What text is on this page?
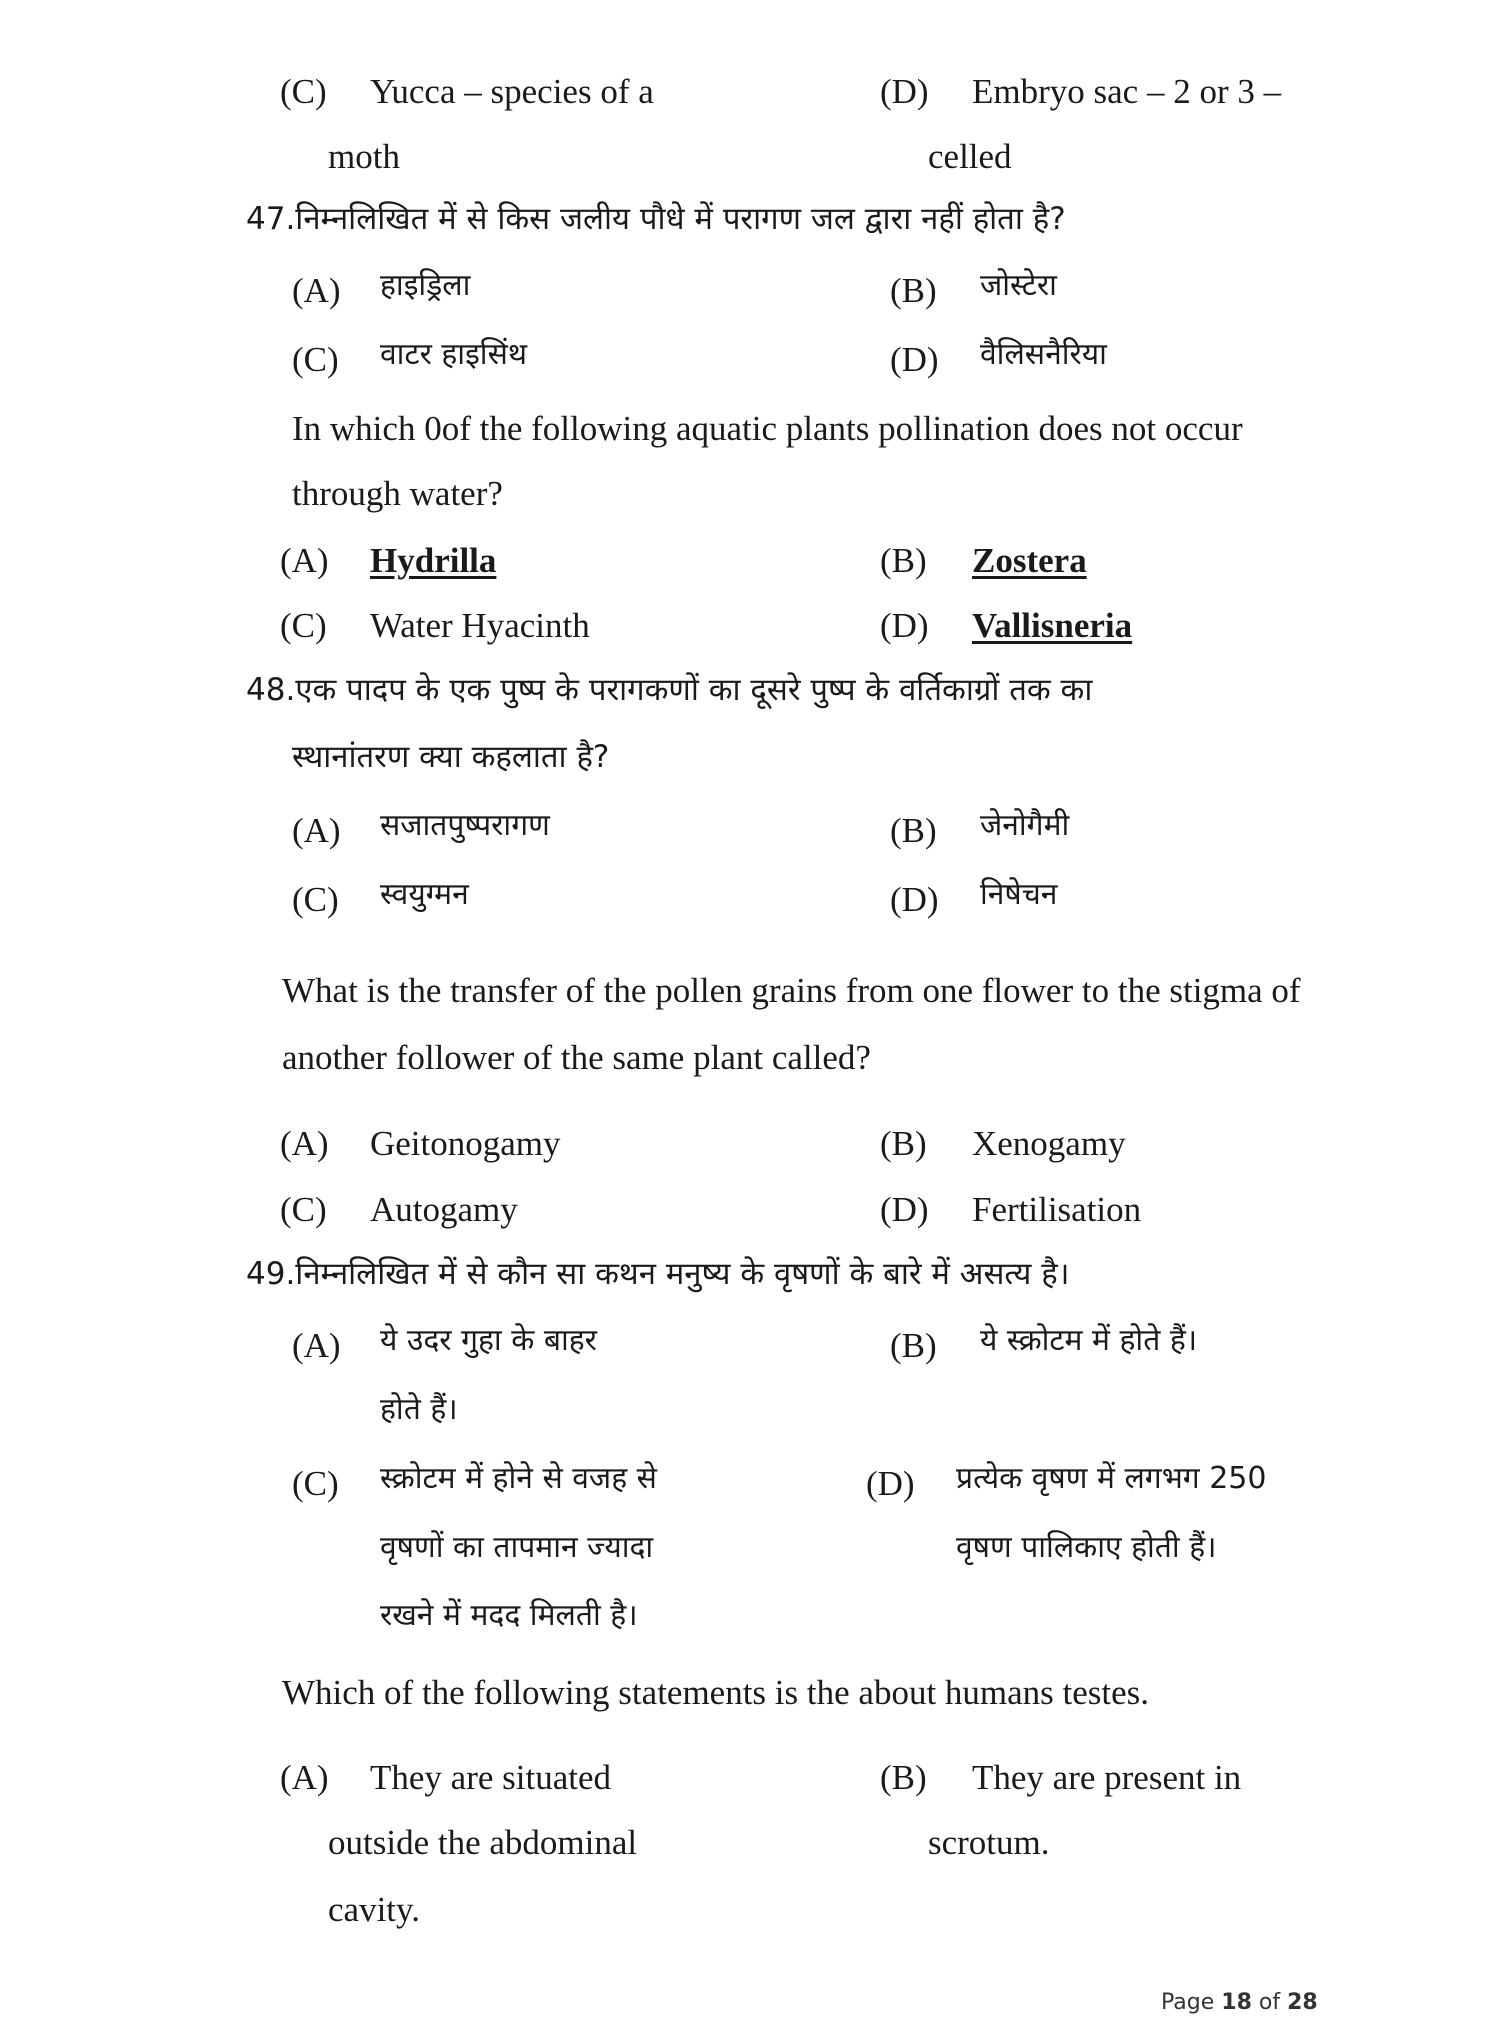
(C) Yucca – species of a
moth
(D) Embryo sac – 2 or 3 –
celled
47.निम्नलिखित में से किस जलीय पौधे में परागण जल द्वारा नहीं होता है?
(A) हाइड्रिला	(B) जोस्टेरा
(C) वाटर हाइसिंथ	(D) वैलिसनैरिया
In which 0of the following aquatic plants pollination does not occur
through water?
(A) Hydrilla	(B) Zostera
(C) Water Hyacinth	(D) Vallisneria
48.एक पादप के एक पुष्प के परागकणों का दूसरे पुष्प के वर्तिकाग्रों तक का
स्थानांतरण क्या कहलाता है?
(A) सजातपुष्परागण	(B) जेनोगैमी
(C) स्वयुग्मन	(D) निषेचन
What is the transfer of the pollen grains from one flower to the stigma of
another follower of the same plant called?
(A) Geitonogamy	(B) Xenogamy
(C) Autogamy	(D) Fertilisation
49.निम्नलिखित में से कौन सा कथन मनुष्य के वृषणों के बारे में असत्य है।
(A) ये उदर गुहा के बाहर
होते हैं।
(B) ये स्क्रोटम में होते हैं।
(C) स्क्रोटम में होने से वजह से
वृषणों का तापमान ज्यादा
रखने में मदद मिलती है।
(D) प्रत्येक वृषण में लगभग 250
वृषण पालिकाए होती हैं।
Which of the following statements is the about humans testes.
(A) They are situated
outside the abdominal
cavity.
(B) They are present in
scrotum.
Page 18 of 28
